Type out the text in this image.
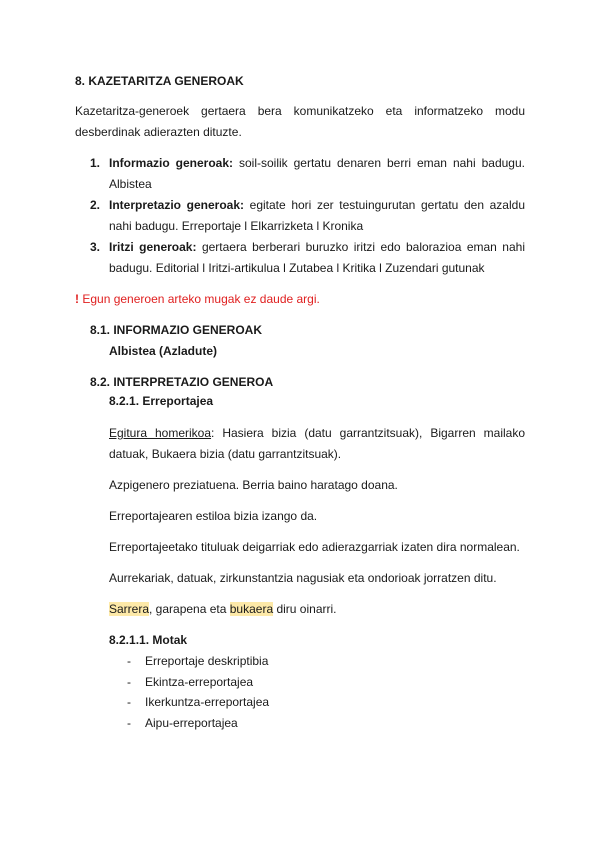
8. KAZETARITZA GENEROAK
Kazetaritza-generoek gertaera bera komunikatzeko eta informatzeko modu
desberdinak adierazten dituzte.
1. Informazio generoak: soil-soilik gertatu denaren berri eman nahi badugu.
Albistea
2. Interpretazio generoak: egitate hori zer testuingurutan gertatu den azaldu
nahi badugu. Erreportaje l Elkarrizketa l Kronika
3. Iritzi generoak: gertaera berberari buruzko iritzi edo balorazioa eman nahi
badugu. Editorial l Iritzi-artikulua l Zutabea l Kritika l Zuzendari gutunak
! Egun generoen arteko mugak ez daude argi.
8.1. INFORMAZIO GENEROAK
Albistea (Azladute)
8.2. INTERPRETAZIO GENEROA
8.2.1. Erreportajea
Egitura homerikoa: Hasiera bizia (datu garrantzitsuak), Bigarren mailako
datuak, Bukaera bizia (datu garrantzitsuak).
Azpigenero preziatuena. Berria baino haratago doana.
Erreportajearen estiloa bizia izango da.
Erreportajeetako tituluak deigarriak edo adierazgarriak izaten dira normalean.
Aurrekariak, datuak, zirkunstantzia nagusiak eta ondorioak jorratzen ditu.
Sarrera, garapena eta bukaera diru oinarri.
8.2.1.1. Motak
- Erreportaje deskriptibia
- Ekintza-erreportajea
- Ikerkuntza-erreportajea
- Aipu-erreportajea
